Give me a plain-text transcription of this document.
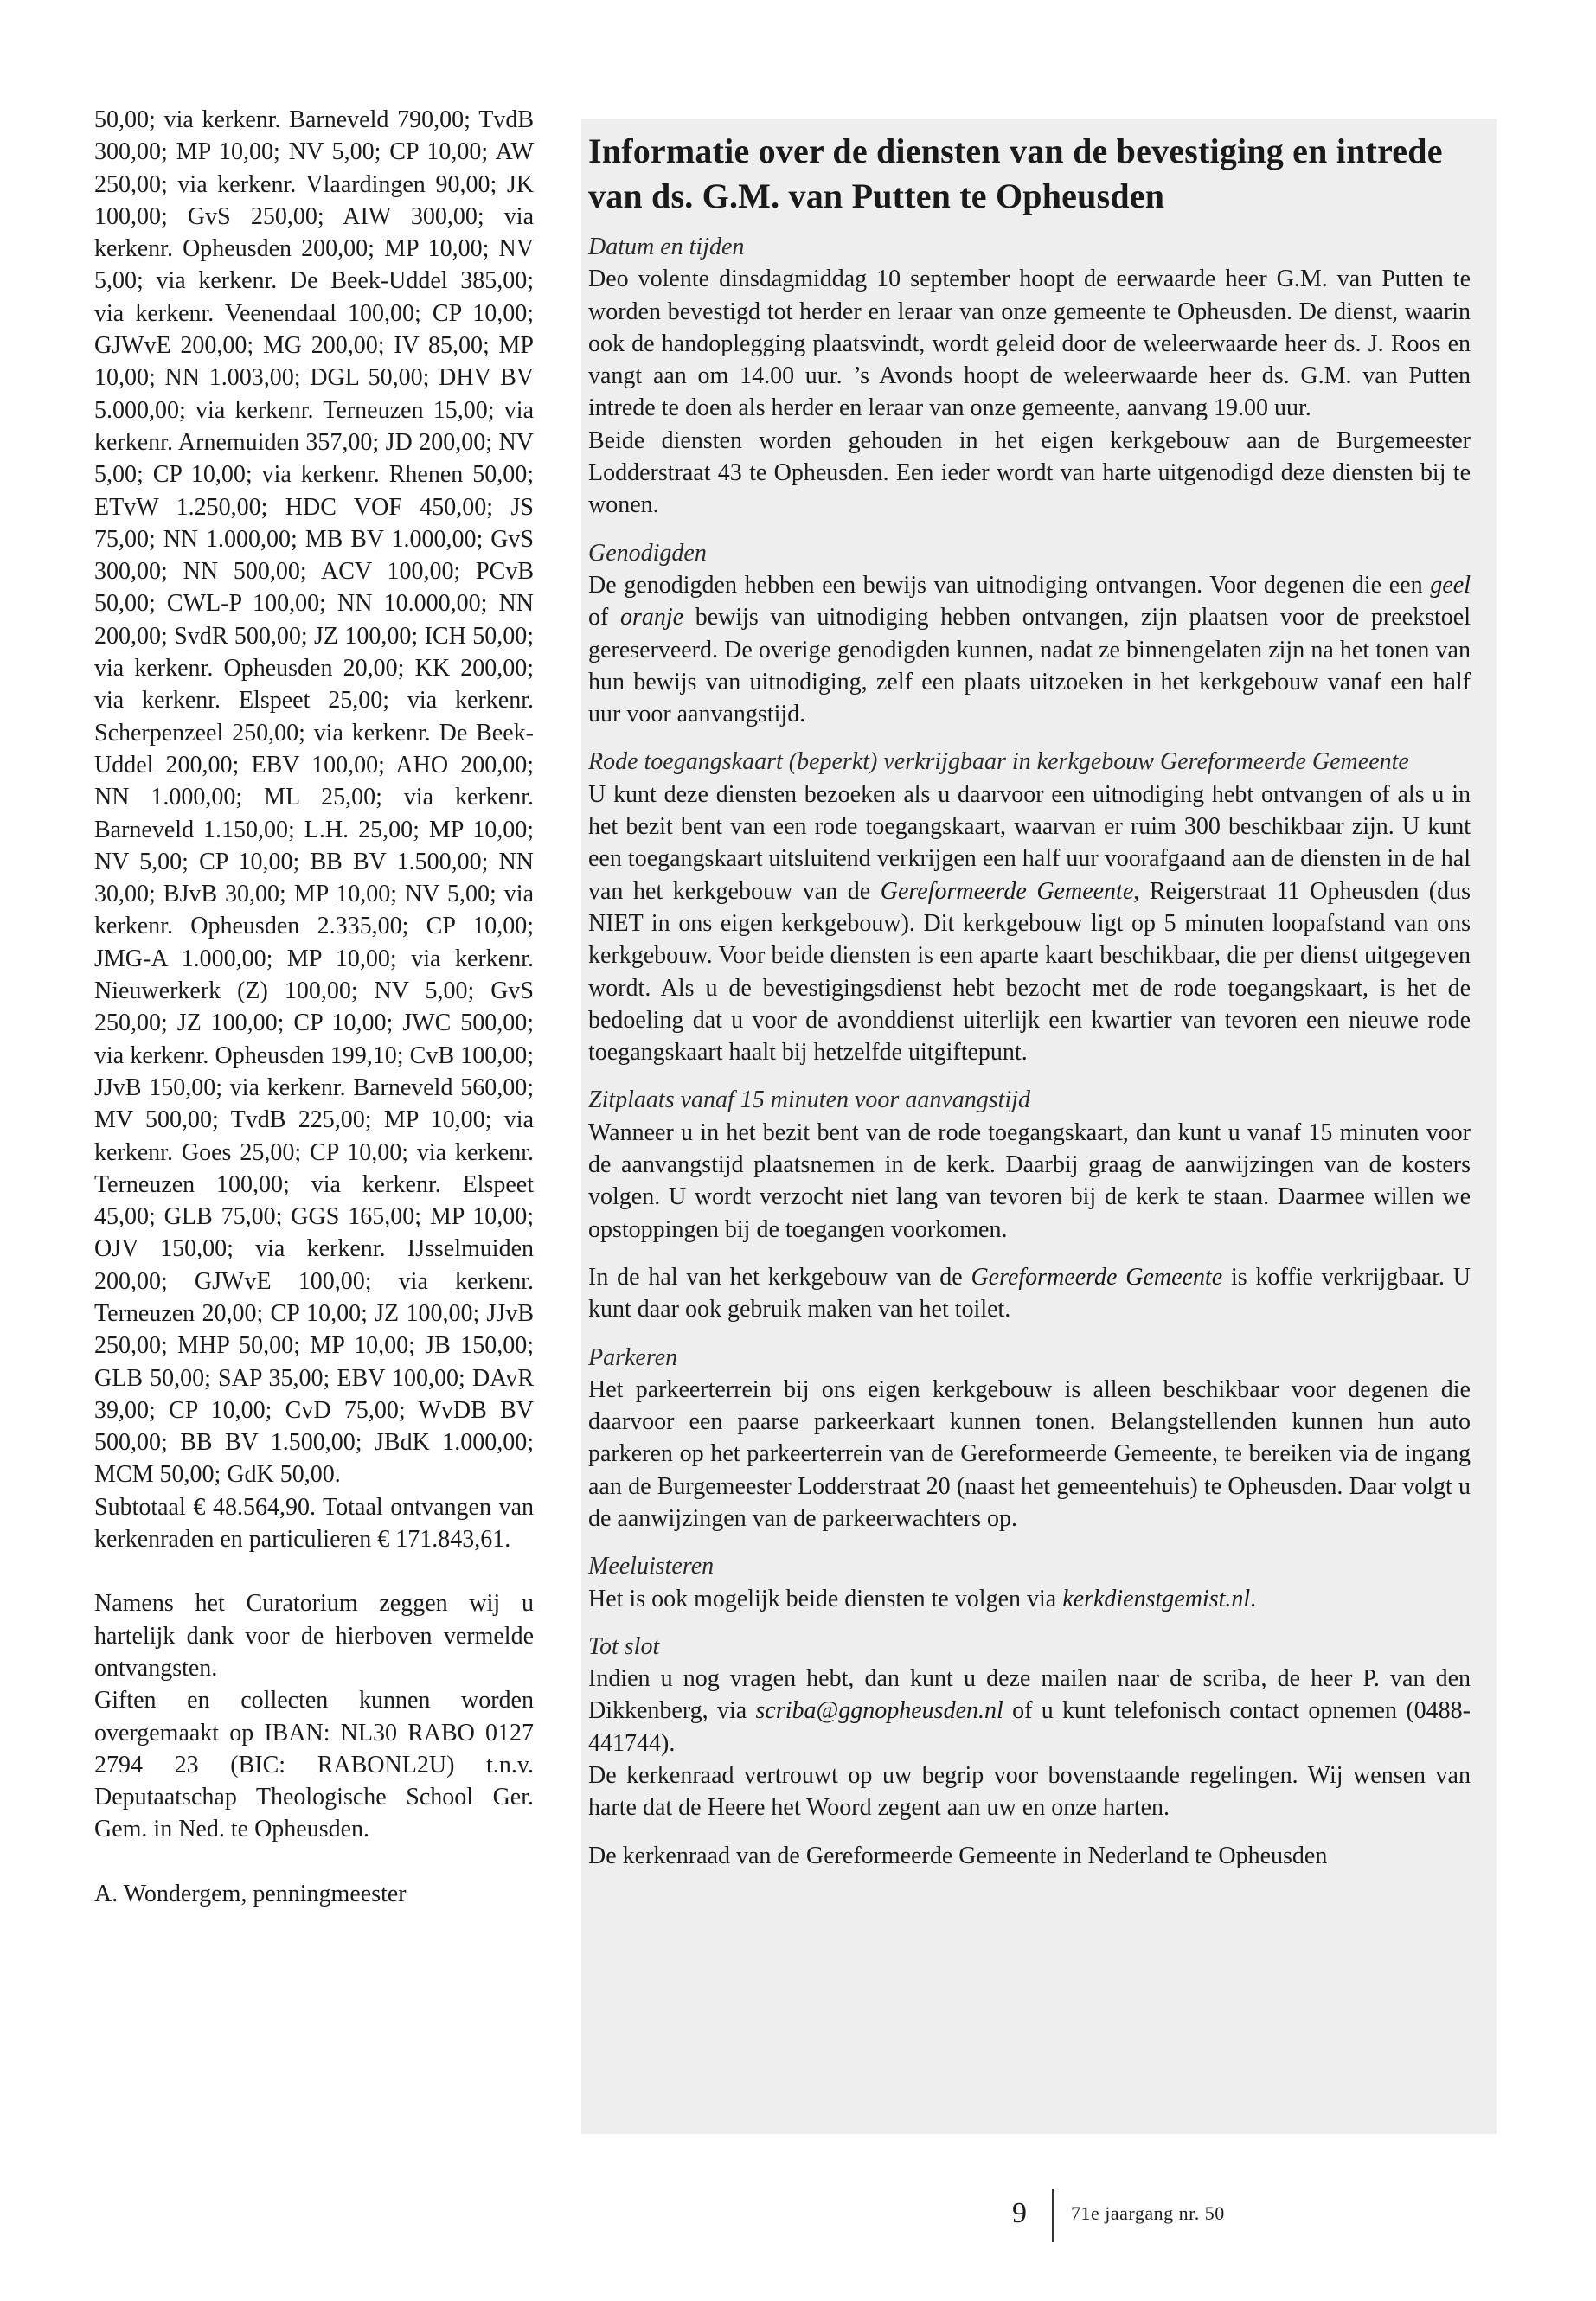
50,00; via kerkenr. Barneveld 790,00; TvdB 300,00; MP 10,00; NV 5,00; CP 10,00; AW 250,00; via kerkenr. Vlaardingen 90,00; JK 100,00; GvS 250,00; AIW 300,00; via kerkenr. Opheusden 200,00; MP 10,00; NV 5,00; via kerkenr. De Beek-Uddel 385,00; via kerkenr. Veenendaal 100,00; CP 10,00; GJWvE 200,00; MG 200,00; IV 85,00; MP 10,00; NN 1.003,00; DGL 50,00; DHV BV 5.000,00; via kerkenr. Terneuzen 15,00; via kerkenr. Arnemuiden 357,00; JD 200,00; NV 5,00; CP 10,00; via kerkenr. Rhenen 50,00; ETvW 1.250,00; HDC VOF 450,00; JS 75,00; NN 1.000,00; MB BV 1.000,00; GvS 300,00; NN 500,00; ACV 100,00; PCvB 50,00; CWL-P 100,00; NN 10.000,00; NN 200,00; SvdR 500,00; JZ 100,00; ICH 50,00; via kerkenr. Opheusden 20,00; KK 200,00; via kerkenr. Elspeet 25,00; via kerkenr. Scherpenzeel 250,00; via kerkenr. De Beek-Uddel 200,00; EBV 100,00; AHO 200,00; NN 1.000,00; ML 25,00; via kerkenr. Barneveld 1.150,00; L.H. 25,00; MP 10,00; NV 5,00; CP 10,00; BB BV 1.500,00; NN 30,00; BJvB 30,00; MP 10,00; NV 5,00; via kerkenr. Opheusden 2.335,00; CP 10,00; JMG-A 1.000,00; MP 10,00; via kerkenr. Nieuwerkerk (Z) 100,00; NV 5,00; GvS 250,00; JZ 100,00; CP 10,00; JWC 500,00; via kerkenr. Opheusden 199,10; CvB 100,00; JJvB 150,00; via kerkenr. Barneveld 560,00; MV 500,00; TvdB 225,00; MP 10,00; via kerkenr. Goes 25,00; CP 10,00; via kerkenr. Terneuzen 100,00; via kerkenr. Elspeet 45,00; GLB 75,00; GGS 165,00; MP 10,00; OJV 150,00; via kerkenr. IJsselmuiden 200,00; GJWvE 100,00; via kerkenr. Terneuzen 20,00; CP 10,00; JZ 100,00; JJvB 250,00; MHP 50,00; MP 10,00; JB 150,00; GLB 50,00; SAP 35,00; EBV 100,00; DAvR 39,00; CP 10,00; CvD 75,00; WvDB BV 500,00; BB BV 1.500,00; JBdK 1.000,00; MCM 50,00; GdK 50,00.

Subtotaal € 48.564,90. Totaal ontvangen van kerkenraden en particulieren € 171.843,61.

Namens het Curatorium zeggen wij u hartelijk dank voor de hierboven vermelde ontvangsten.

Giften en collecten kunnen worden overgemaakt op IBAN: NL30 RABO 0127 2794 23 (BIC: RABONL2U) t.n.v. Deputaatschap Theologische School Ger. Gem. in Ned. te Opheusden.

A. Wondergem, penningmeester

Informatie over de diensten van de bevestiging en intrede van ds. G.M. van Putten te Opheusden

Datum en tijden

Deo volente dinsdagmiddag 10 september hoopt de eerwaarde heer G.M. van Putten te worden bevestigd tot herder en leraar van onze gemeente te Opheusden. De dienst, waarin ook de handoplegging plaatsvindt, wordt geleid door de weleerwaarde heer ds. J. Roos en vangt aan om 14.00 uur. ’s Avonds hoopt de weleerwaarde heer ds. G.M. van Putten intrede te doen als herder en leraar van onze gemeente, aanvang 19.00 uur.

Beide diensten worden gehouden in het eigen kerkgebouw aan de Burgemeester Lodderstraat 43 te Opheusden. Een ieder wordt van harte uitgenodigd deze diensten bij te wonen.

Genodigden

De genodigden hebben een bewijs van uitnodiging ontvangen. Voor degenen die een geel of oranje bewijs van uitnodiging hebben ontvangen, zijn plaatsen voor de preekstoel gereserveerd. De overige genodigden kunnen, nadat ze binnengelaten zijn na het tonen van hun bewijs van uitnodiging, zelf een plaats uitzoeken in het kerkgebouw vanaf een half uur voor aanvangstijd.

Rode toegangskaart (beperkt) verkrijgbaar in kerkgebouw Gereformeerde Gemeente

U kunt deze diensten bezoeken als u daarvoor een uitnodiging hebt ontvangen of als u in het bezit bent van een rode toegangskaart, waarvan er ruim 300 beschikbaar zijn. U kunt een toegangskaart uitsluitend verkrijgen een half uur voorafgaand aan de diensten in de hal van het kerkgebouw van de Gereformeerde Gemeente, Reigerstraat 11 Opheusden (dus NIET in ons eigen kerkgebouw). Dit kerkgebouw ligt op 5 minuten loopafstand van ons kerkgebouw. Voor beide diensten is een aparte kaart beschikbaar, die per dienst uitgegeven wordt. Als u de bevestigingsdienst hebt bezocht met de rode toegangskaart, is het de bedoeling dat u voor de avonddienst uiterlijk een kwartier van tevoren een nieuwe rode toegangskaart haalt bij hetzelfde uitgiftepunt.

Zitplaats vanaf 15 minuten voor aanvangstijd

Wanneer u in het bezit bent van de rode toegangskaart, dan kunt u vanaf 15 minuten voor de aanvangstijd plaatsnemen in de kerk. Daarbij graag de aanwijzingen van de kosters volgen. U wordt verzocht niet lang van tevoren bij de kerk te staan. Daarmee willen we opstoppingen bij de toegangen voorkomen.

In de hal van het kerkgebouw van de Gereformeerde Gemeente is koffie verkrijgbaar. U kunt daar ook gebruik maken van het toilet.

Parkeren

Het parkeerterrein bij ons eigen kerkgebouw is alleen beschikbaar voor degenen die daarvoor een paarse parkeerkaart kunnen tonen. Belangstellenden kunnen hun auto parkeren op het parkeerterrein van de Gereformeerde Gemeente, te bereiken via de ingang aan de Burgemeester Lodderstraat 20 (naast het gemeentehuis) te Opheusden. Daar volgt u de aanwijzingen van de parkeerwachters op.

Meeluisteren

Het is ook mogelijk beide diensten te volgen via kerkdienstgemist.nl.

Tot slot

Indien u nog vragen hebt, dan kunt u deze mailen naar de scriba, de heer P. van den Dikkenberg, via scriba@ggnopheusden.nl of u kunt telefonisch contact opnemen (0488-441744).

De kerkenraad vertrouwt op uw begrip voor bovenstaande regelingen. Wij wensen van harte dat de Heere het Woord zegent aan uw en onze harten.

De kerkenraad van de Gereformeerde Gemeente in Nederland te Opheusden

9 71e jaargang nr. 50
